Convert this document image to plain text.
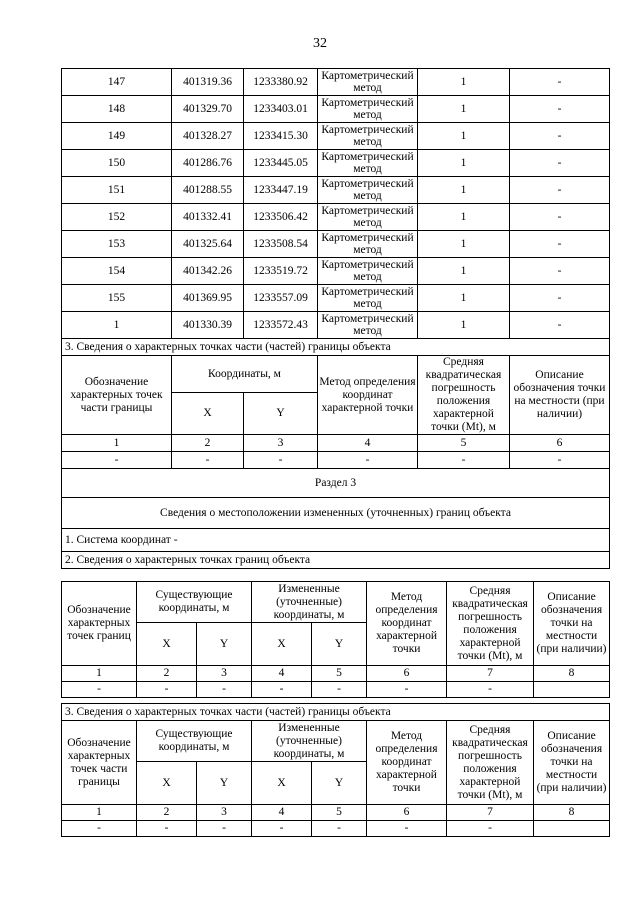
32
147	401319.36	1233380.92	Картометрический метод	1	-
148	401329.70	1233403.01	Картометрический метод	1	-
149	401328.27	1233415.30	Картометрический метод	1	-
150	401286.76	1233445.05	Картометрический метод	1	-
151	401288.55	1233447.19	Картометрический метод	1	-
152	401332.41	1233506.42	Картометрический метод	1	-
153	401325.64	1233508.54	Картометрический метод	1	-
154	401342.26	1233519.72	Картометрический метод	1	-
155	401369.95	1233557.09	Картометрический метод	1	-
1	401330.39	1233572.43	Картометрический метод	1	-
3. Сведения о характерных точках части (частей) границы объекта					
Обозначение характерных точек части границы	Координаты, м		Метод определения координат характерной точки	Средняя квадратическая погрешность положения характерной точки (Mt), м	Описание обозначения точки на местности (при наличии)
	X	Y			
1	2	3	4	5	6
-	-	-	-	-	-
Раздел 3					
Сведения о местоположении измененных (уточненных) границ объекта					
1. Система координат -					
2. Сведения о характерных точках границ объекта					
Обозначение характерных точек границ	Существующие координаты, м		Измененные (уточненные) координаты, м		Метод определения координат характерной точки	Средняя квадратическая погрешность положения характерной точки (Mt), м	Описание обозначения точки на местности (при наличии)
	X	Y	X	Y			
1	2	3	4	5	6	7	8
-	-	-	-	-	-	-	
3. Сведения о характерных точках части (частей) границы объекта							
Обозначение характерных точек части границы	Существующие координаты, м		Измененные (уточненные) координаты, м		Метод определения координат характерной точки	Средняя квадратическая погрешность положения характерной точки (Mt), м	Описание обозначения точки на местности (при наличии)
	X	Y	X	Y			
1	2	3	4	5	6	7	8
-	-	-	-	-	-	-	
